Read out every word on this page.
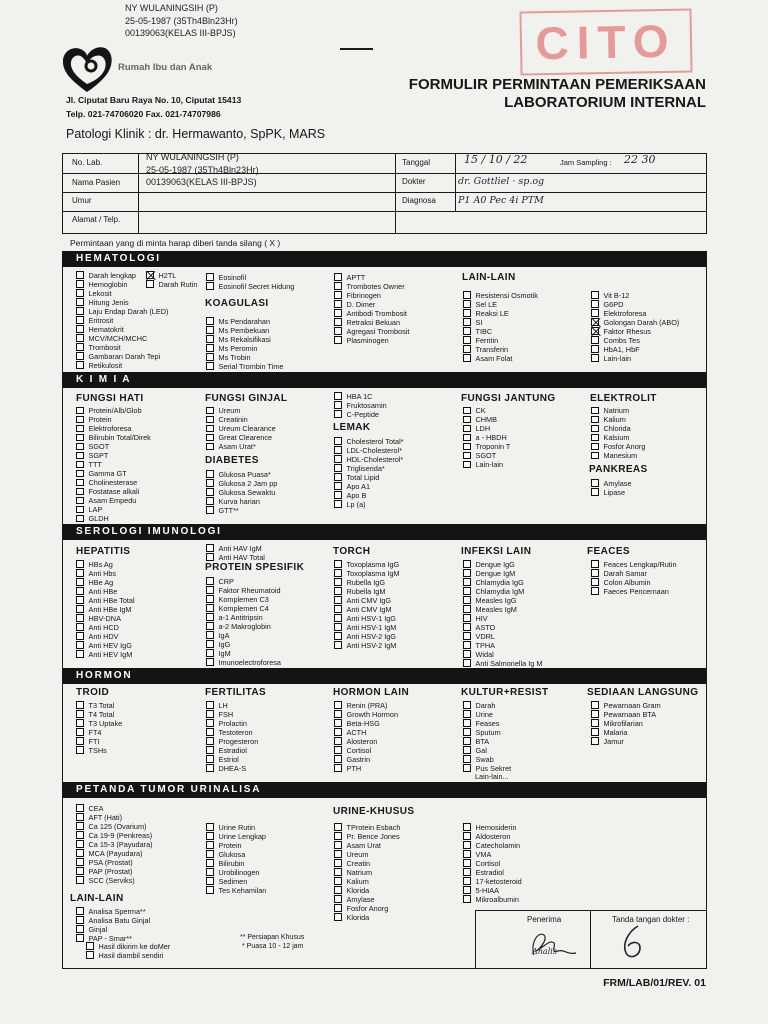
NY WULANINGSIH (P)
25-05-1987 (35Th4Bln23Hr)
00139063(KELAS III-BPJS)
Rumah Ibu dan Anak
Jl. Ciputat Baru Raya No. 10, Ciputat 15413
Telp. 021-74706020 Fax. 021-74707986
CITO
FORMULIR PERMINTAAN PEMERIKSAAN
LABORATORIUM INTERNAL
Patologi Klinik : dr. Hermawanto, SpPK, MARS
No. Lab.
Nama Pasien
Umur
Alamat / Telp.
NY WULANINGSIH (P)
25-05-1987 (35Th4Bln23Hr)
00139063(KELAS III-BPJS)
Tanggal
Dokter
Diagnosa
Jam Sampling :
15 / 10 / 22	22 30
dr. Gottliel · sp.og
P1 A0 Pec 4i PTM
Permintaan yang di minta harap diberi tanda silang ( X )
HEMATOLOGI
Darah lengkap
Hemoglobin
Lekosit
Hitung Jenis
Laju Endap Darah (LED)
Eritrosit
Hematokrit
MCV/MCH/MCHC
Trombosit
Gambaran Darah Tepi
Retikulosit
H2TL
Darah Rutin
Eosinofil
Eosinofil Secret Hidung
KOAGULASI
Ms Pendarahan
Ms Pembekuan
Ms Rekalsifikasi
Ms Peromin
Ms Trobin
Serial Trombin Time
APTT
Trombotes Owner
Fibrinogen
D. Dimer
Antibodi Trombosit
Retraksi Bekuan
Agregasi Trombosit
Plasminogen
LAIN-LAIN
Resistensi Osmotik
Sel LE
Reaksi LE
SI
TIBC
Ferritin
Transferin
Asam Folat
Vit B-12
G6PD
Elektroforesa
Golongan Darah (ABO)
Faktor Rhesus
Combs Tes
HbA1, HbF
Lain-lain
K I M I A
FUNGSI HATI
Protein/Alb/Glob
Protein
Elektroforesa
Bilirubin Total/Direk
SGOT
SGPT
TTT
Gamma GT
Cholinesterase
Fostatase alkali
Asam Empedu
LAP
GLDH
FUNGSI GINJAL
Ureum
Creatinin
Ureum Clearance
Great Clearence
Asam Urat*
DIABETES
Glukosa Puasa*
Glukosa 2 Jam pp
Glukosa Sewaktu
Kurva harian
GTT**
HBA 1C
Fruktosamin
C-Peptide
LEMAK
Cholesterol Total*
LDL-Cholesterol*
HDL-Cholesterol*
Trigliserida*
Total Lipid
Apo A1
Apo B
Lp (a)
FUNGSI JANTUNG
CK
CHMB
LDH
a - HBDH
Troponin T
SGOT
Lain-lain
ELEKTROLIT
Natrium
Kalium
Chlorida
Kalsium
Fosfor Anorg
Manesium
PANKREAS
Amylase
Lipase
SEROLOGI IMUNOLOGI
HEPATITIS
HBs Ag
Anti Hbs
HBe Ag
Anti HBe
Anti HBe Total
Anti HBe IgM
HBV-DNA
Anti HCD
Anti HDV
Anti HEV IgG
Anti HEV IgM
Anti HAV IgM
Anti HAV Total
PROTEIN SPESIFIK
CRP
Faktor Rheumatoid
Komplemen C3
Komplemen C4
a-1 Antitripsin
a-2 Makroglobin
IgA
IgG
IgM
Imunoelectroforesa
TORCH
Toxoplasma IgG
Toxoplasma IgM
Rubella IgG
Rubella IgM
Anti CMV IgG
Anti CMV IgM
Anti HSV-1 IgG
Anti HSV-1 IgM
Anti HSV-2 IgG
Anti HSV-2 IgM
INFEKSI LAIN
Dengue IgG
Dengue IgM
Chlamydia IgG
Chlamydia IgM
Measles IgG
Measles IgM
HIV
ASTO
VDRL
TPHA
Widal
Anti Salmonella Ig M
FEACES
Feaces Lengkap/Rutin
Darah Samar
Colon Albumin
Faeces Pencernaan
HORMON
TROID
T3 Total
T4 Total
T3 Uptake
FT4
FTI
TSHs
FERTILITAS
LH
FSH
Prolactin
Testoteron
Progesteron
Estradiol
Estriol
DHEA-S
HORMON LAIN
Renin (PRA)
Growth Hormon
Beta-HSG
ACTH
Alosteron
Cortisol
Gastrin
PTH
KULTUR+RESIST
Darah
Urine
Feases
Sputum
BTA
Gal
Swab
Pus Sekret
Lain-lain...
SEDIAAN LANGSUNG
Pewarnaan Gram
Pewarnaan BTA
Mikrofilarian
Malaria
Jamur
PETANDA TUMOR URINALISA
CEA
AFT (Hati)
Ca 125 (Ovarium)
Ca 19-9 (Penkreas)
Ca 15-3 (Payudara)
MCA (Payudara)
PSA (Prostat)
PAP (Prostat)
SCC (Serviks)
LAIN-LAIN
Analisa Sperma**
Analisa Batu Ginjal
Ginjal
PAP - Smar**
Hasil dikirim ke doMer
Hasil diambil sendiri
Urine Rutin
Urine Lengkap
Protein
Glukosa
Bilirubin
Urobilinogen
Sedimen
Tes Kehamilan
URINE-KHUSUS
TProtein Esbach
Pr. Bence Jones
Asam Urat
Ureum
Creatin
Natrium
Kalium
Klorida
Amylase
Fosfor Anorg
Klorida
Hemosiderin
Aldosteron
Catecholamin
VMA
Cortisol
Estradiol
17-ketosteroid
5-HIAA
Mikroalbumin
** Persiapan Khusus
* Puasa 10 - 12 jam
Penerima	Tanda tangan dokter :
Analis
FRM/LAB/01/REV. 01
